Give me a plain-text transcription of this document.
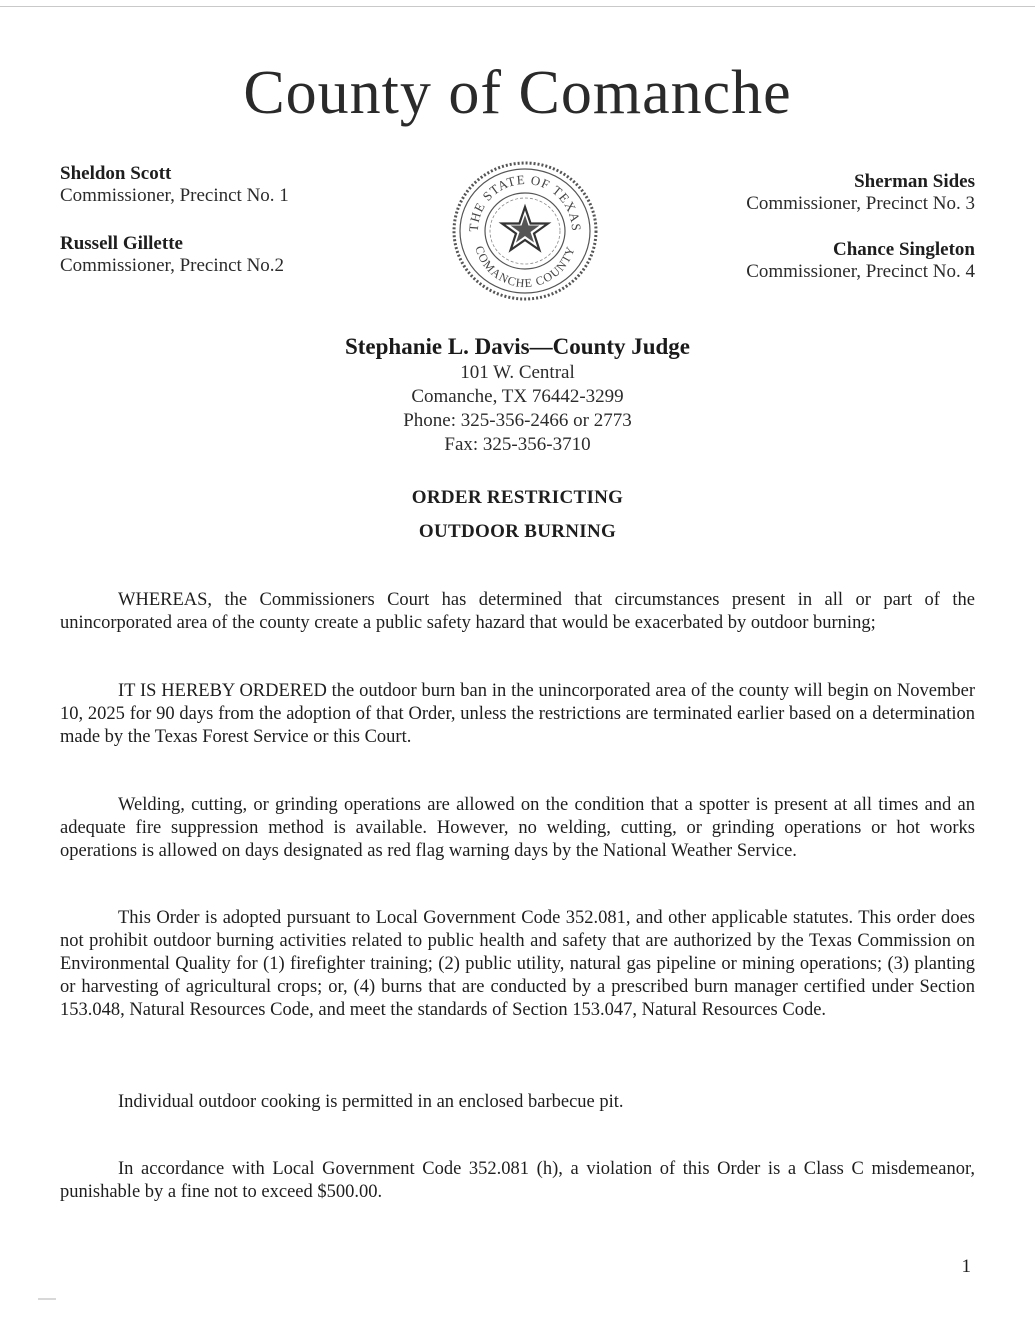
County of Comanche
Sheldon Scott
Commissioner, Precinct No. 1
Russell Gillette
Commissioner, Precinct No.2
Sherman Sides
Commissioner, Precinct No. 3
Chance Singleton
Commissioner, Precinct No. 4
THE STATE OF TEXAS
COMANCHE COUNTY
Stephanie L. Davis—County Judge
101 W. Central
Comanche, TX 76442-3299
Phone: 325-356-2466 or 2773
Fax: 325-356-3710
ORDER RESTRICTING
OUTDOOR BURNING
WHEREAS, the Commissioners Court has determined that circumstances present in all or part of the unincorporated area of the county create a public safety hazard that would be exacerbated by outdoor burning;
IT IS HEREBY ORDERED the outdoor burn ban in the unincorporated area of the county will begin on November 10, 2025 for 90 days from the adoption of that Order, unless the restrictions are terminated earlier based on a determination made by the Texas Forest Service or this Court.
Welding, cutting, or grinding operations are allowed on the condition that a spotter is present at all times and an adequate fire suppression method is available. However, no welding, cutting, or grinding operations or hot works operations is allowed on days designated as red flag warning days by the National Weather Service.
This Order is adopted pursuant to Local Government Code 352.081, and other applicable statutes. This order does not prohibit outdoor burning activities related to public health and safety that are authorized by the Texas Commission on Environmental Quality for (1) firefighter training; (2) public utility, natural gas pipeline or mining operations; (3) planting or harvesting of agricultural crops; or, (4) burns that are conducted by a prescribed burn manager certified under Section 153.048, Natural Resources Code, and meet the standards of Section 153.047, Natural Resources Code.
Individual outdoor cooking is permitted in an enclosed barbecue pit.
In accordance with Local Government Code 352.081 (h), a violation of this Order is a Class C misdemeanor, punishable by a fine not to exceed $500.00.
1
